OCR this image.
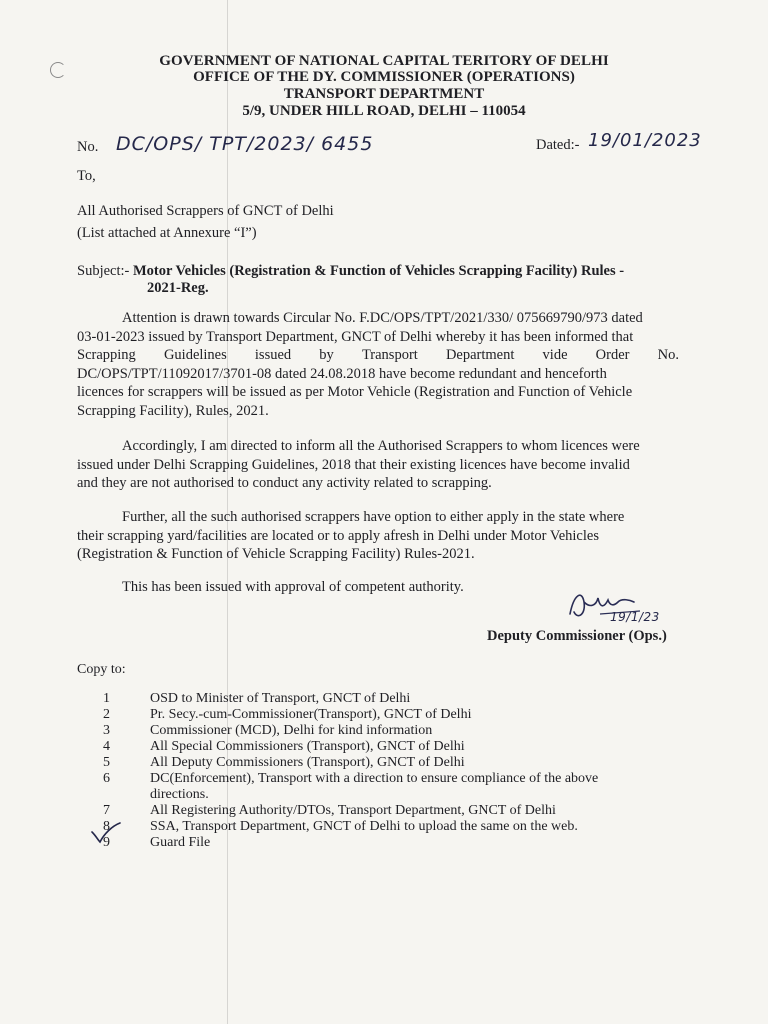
GOVERNMENT OF NATIONAL CAPITAL TERITORY OF DELHI
OFFICE OF THE DY. COMMISSIONER (OPERATIONS)
TRANSPORT DEPARTMENT
5/9, UNDER HILL ROAD, DELHI – 110054
No. DC/OPS/ TPT/2023/ 6455	Dated:- 19/01/2023
To,
All Authorised Scrappers of GNCT of Delhi
(List attached at Annexure “I”)
Subject:- Motor Vehicles (Registration & Function of Vehicles Scrapping Facility) Rules -
2021-Reg.
Attention is drawn towards Circular No. F.DC/OPS/TPT/2021/330/ 075669790/973 dated
03-01-2023 issued by Transport Department, GNCT of Delhi whereby it has been informed that
Scrapping Guidelines issued by Transport Department vide Order No.
DC/OPS/TPT/11092017/3701-08 dated 24.08.2018 have become redundant and henceforth
licences for scrappers will be issued as per Motor Vehicle (Registration and Function of Vehicle
Scrapping Facility), Rules, 2021.
Accordingly, I am directed to inform all the Authorised Scrappers to whom licences were
issued under Delhi Scrapping Guidelines, 2018 that their existing licences have become invalid
and they are not authorised to conduct any activity related to scrapping.
Further, all the such authorised scrappers have option to either apply in the state where
their scrapping yard/facilities are located or to apply afresh in Delhi under Motor Vehicles
(Registration & Function of Vehicle Scrapping Facility) Rules-2021.
This has been issued with approval of competent authority.
19/1/23
Deputy Commissioner (Ops.)
Copy to:
1	OSD to Minister of Transport, GNCT of Delhi
2	Pr. Secy.-cum-Commissioner(Transport), GNCT of Delhi
3	Commissioner (MCD), Delhi for kind information
4	All Special Commissioners (Transport), GNCT of Delhi
5	All Deputy Commissioners (Transport), GNCT of Delhi
6	DC(Enforcement), Transport with a direction to ensure compliance of the above
directions.
7	All Registering Authority/DTOs, Transport Department, GNCT of Delhi
8	SSA, Transport Department, GNCT of Delhi to upload the same on the web.
9	Guard File
